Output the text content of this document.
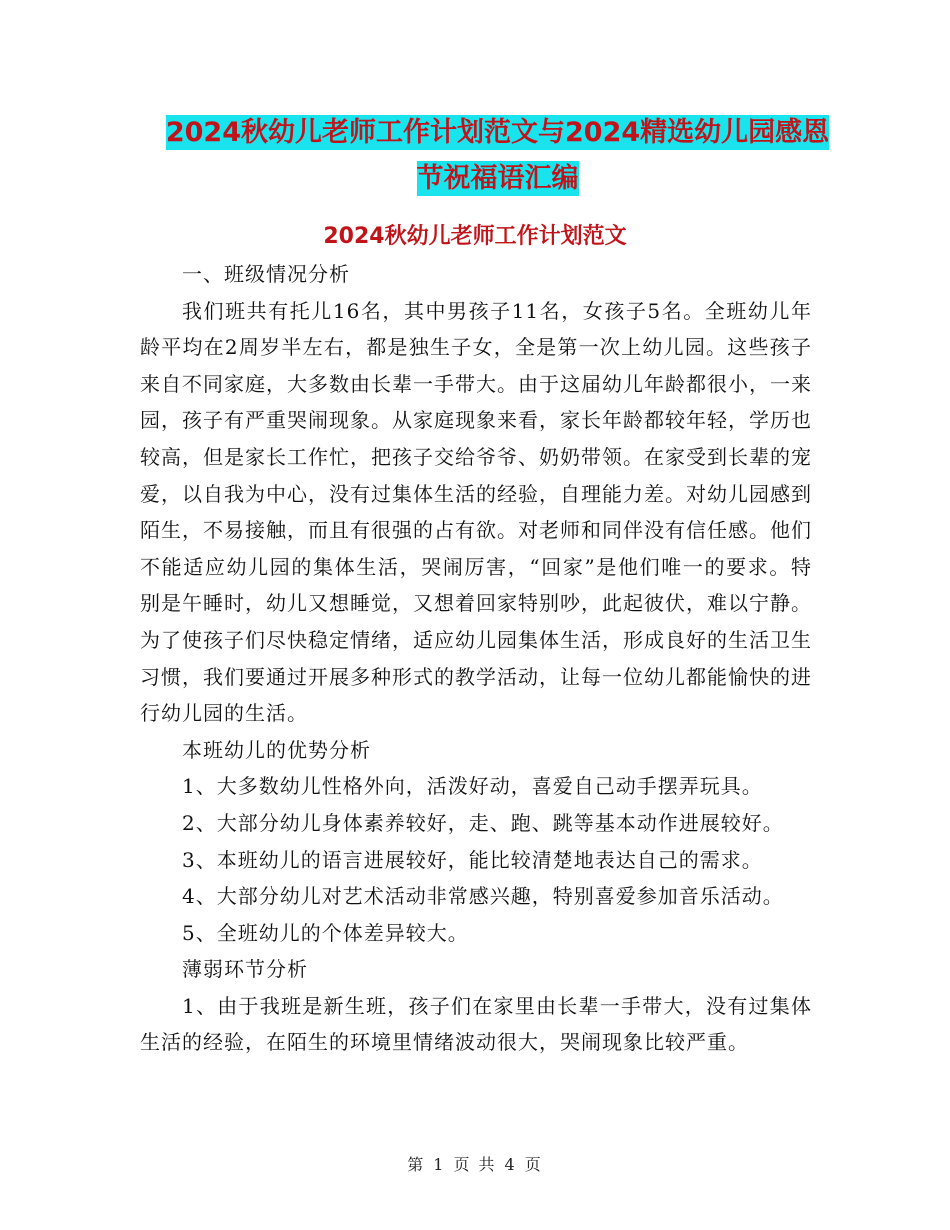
2024秋幼儿老师工作计划范文与2024精选幼儿园感恩
节祝福语汇编
2024秋幼儿老师工作计划范文

一、班级情况分析

我们班共有托儿16名，其中男孩子11名，女孩子5名。全班幼儿年龄平均在2周岁半左右，都是独生子女，全是第一次上幼儿园。这些孩子来自不同家庭，大多数由长辈一手带大。由于这届幼儿年龄都很小，一来园，孩子有严重哭闹现象。从家庭现象来看，家长年龄都较年轻，学历也较高，但是家长工作忙，把孩子交给爷爷、奶奶带领。在家受到长辈的宠爱，以自我为中心，没有过集体生活的经验，自理能力差。对幼儿园感到陌生，不易接触，而且有很强的占有欲。对老师和同伴没有信任感。他们不能适应幼儿园的集体生活，哭闹厉害，“回家”是他们唯一的要求。特别是午睡时，幼儿又想睡觉，又想着回家特别吵，此起彼伏，难以宁静。为了使孩子们尽快稳定情绪，适应幼儿园集体生活，形成良好的生活卫生习惯，我们要通过开展多种形式的教学活动，让每一位幼儿都能愉快的进行幼儿园的生活。

本班幼儿的优势分析

1、大多数幼儿性格外向，活泼好动，喜爱自己动手摆弄玩具。

2、大部分幼儿身体素养较好，走、跑、跳等基本动作进展较好。

3、本班幼儿的语言进展较好，能比较清楚地表达自己的需求。

4、大部分幼儿对艺术活动非常感兴趣，特别喜爱参加音乐活动。

5、全班幼儿的个体差异较大。

薄弱环节分析

1、由于我班是新生班，孩子们在家里由长辈一手带大，没有过集体生活的经验，在陌生的环境里情绪波动很大，哭闹现象比较严重。

第 1 页 共 4 页
